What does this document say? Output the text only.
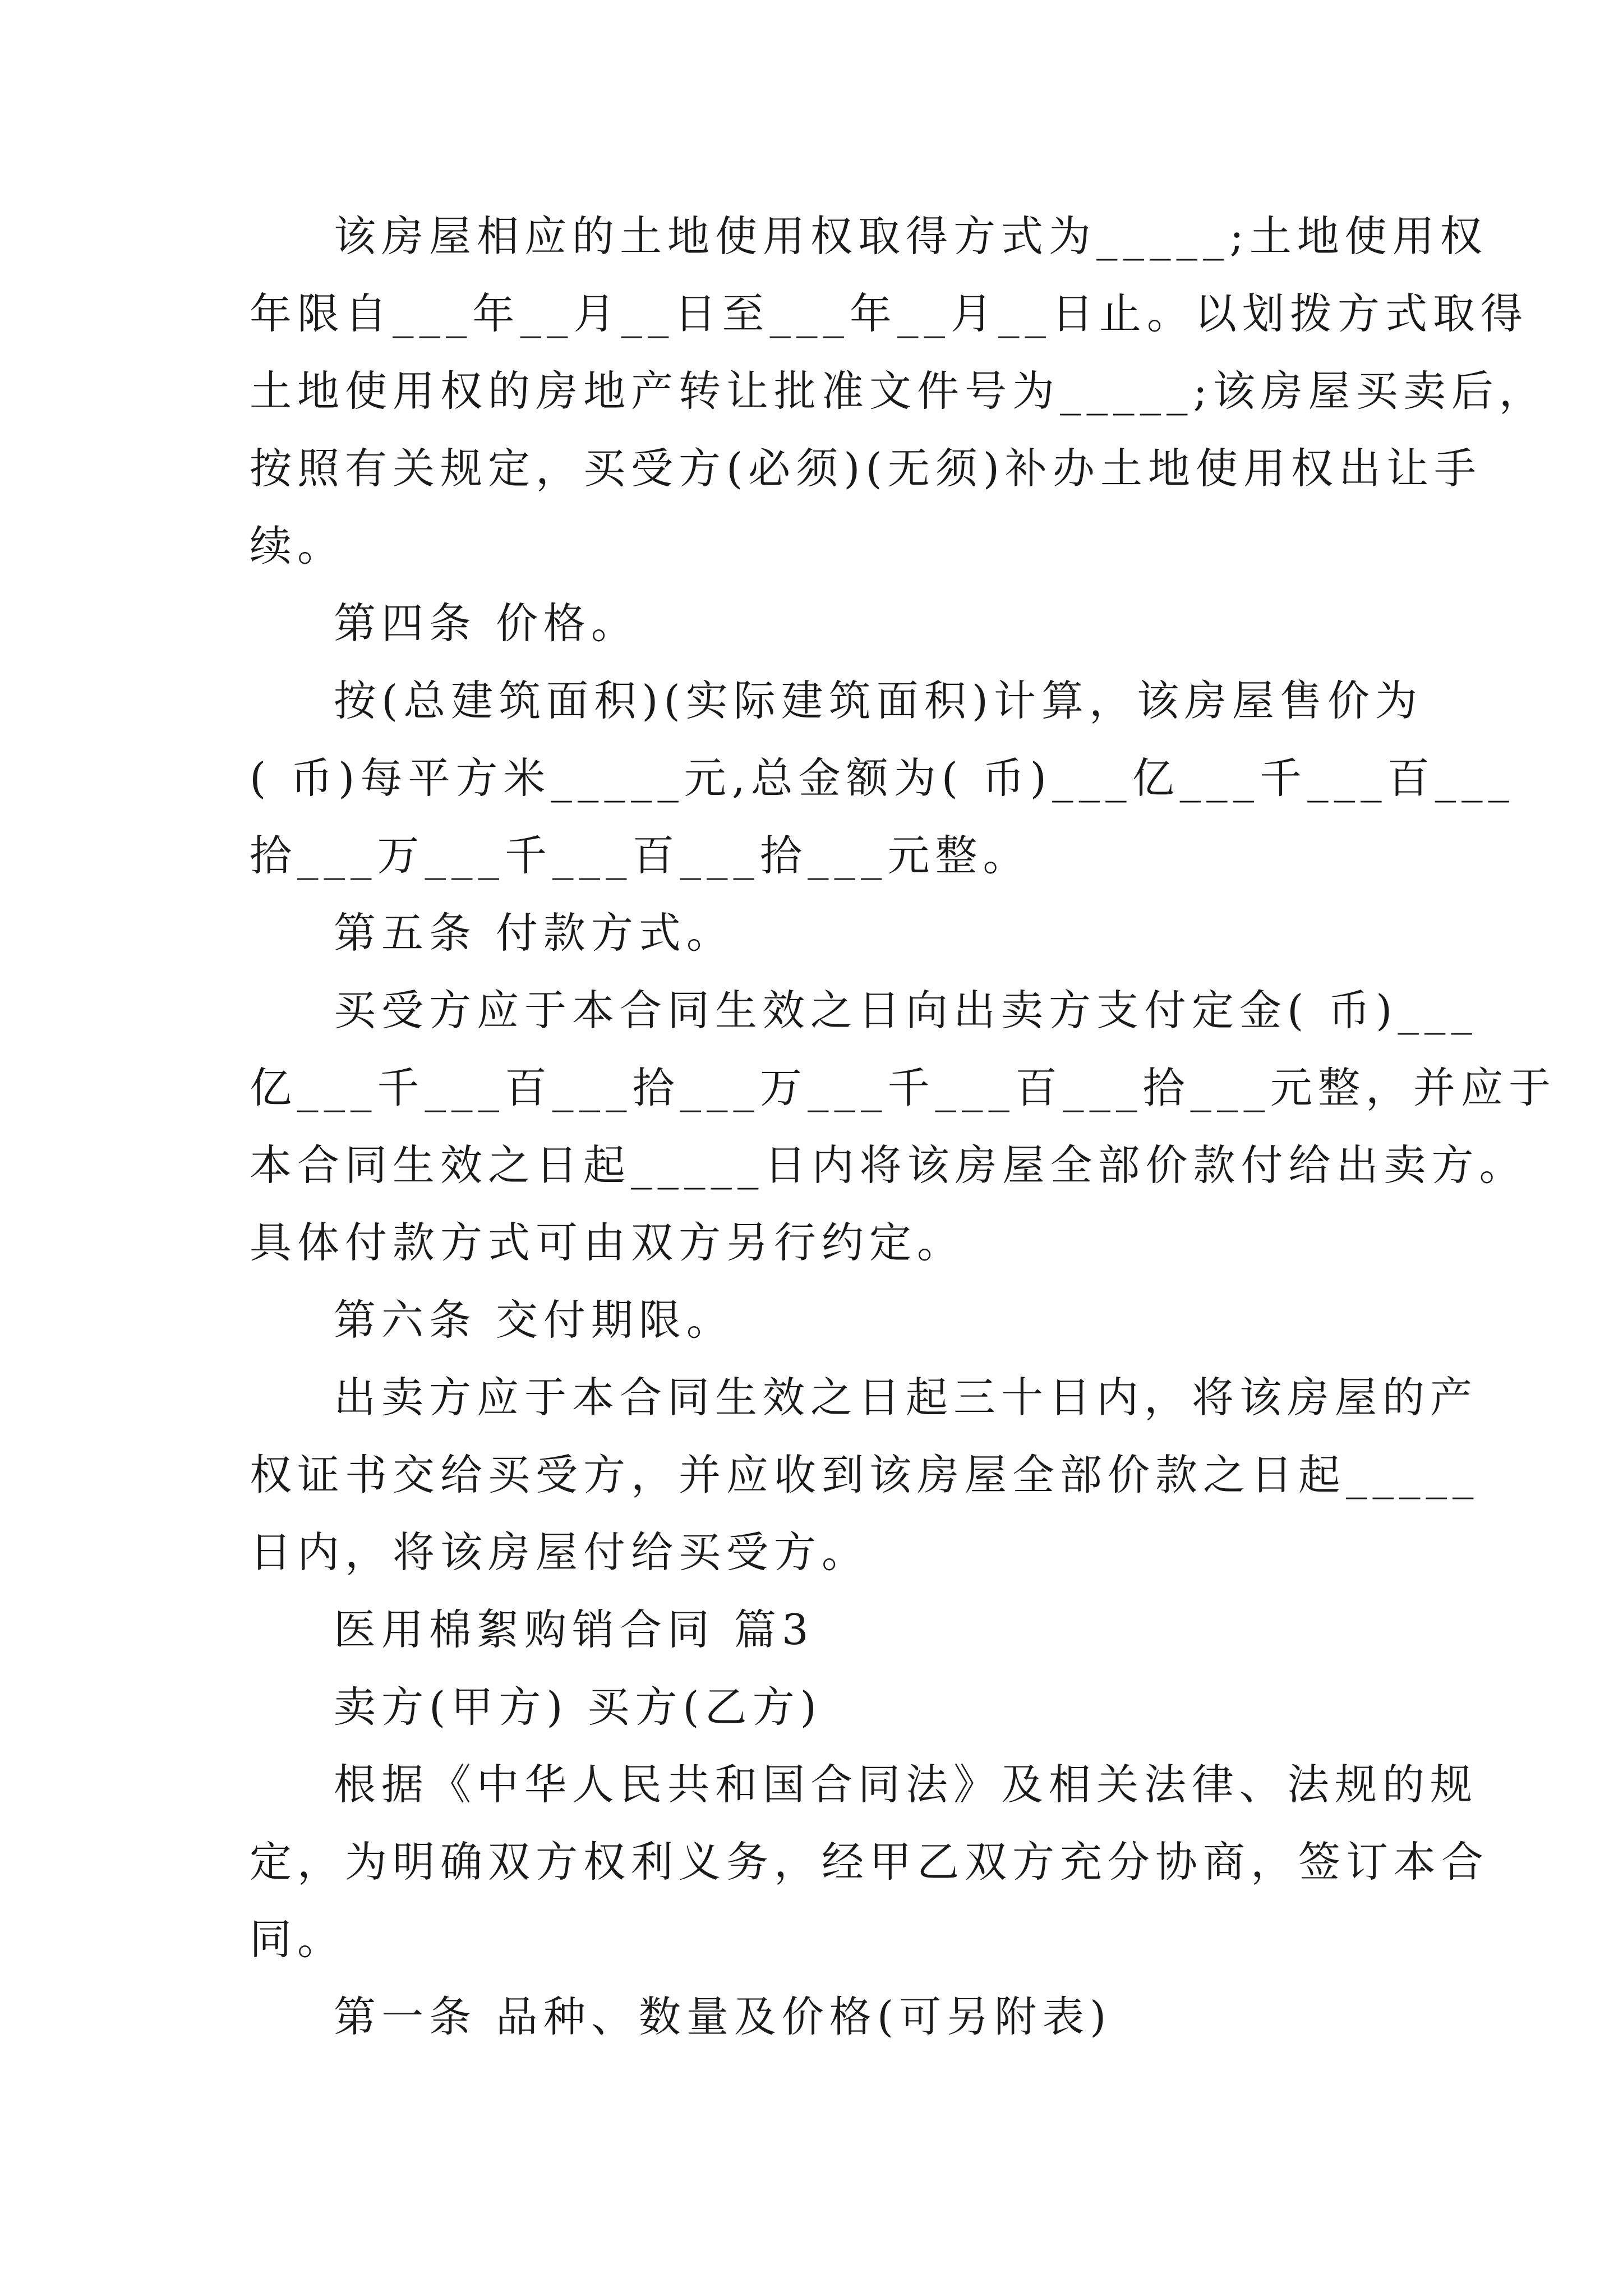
该房屋相应的土地使用权取得方式为_____;土地使用权
年限自___年__月__日至___年__月__日止。以划拨方式取得
土地使用权的房地产转让批准文件号为_____;该房屋买卖后，
按照有关规定，买受方(必须)(无须)补办土地使用权出让手
续。
第四条 价格。
按(总建筑面积)(实际建筑面积)计算，该房屋售价为
( 币)每平方米_____元,总金额为( 币)___亿___千___百___
拾___万___千___百___拾___元整。
第五条 付款方式。
买受方应于本合同生效之日向出卖方支付定金( 币)___
亿___千___百___拾___万___千___百___拾___元整，并应于
本合同生效之日起_____日内将该房屋全部价款付给出卖方。
具体付款方式可由双方另行约定。
第六条 交付期限。
出卖方应于本合同生效之日起三十日内，将该房屋的产
权证书交给买受方，并应收到该房屋全部价款之日起_____
日内，将该房屋付给买受方。
医用棉絮购销合同 篇3
卖方(甲方) 买方(乙方)
根据《中华人民共和国合同法》及相关法律、法规的规
定，为明确双方权利义务，经甲乙双方充分协商，签订本合
同。
第一条 品种、数量及价格(可另附表)
